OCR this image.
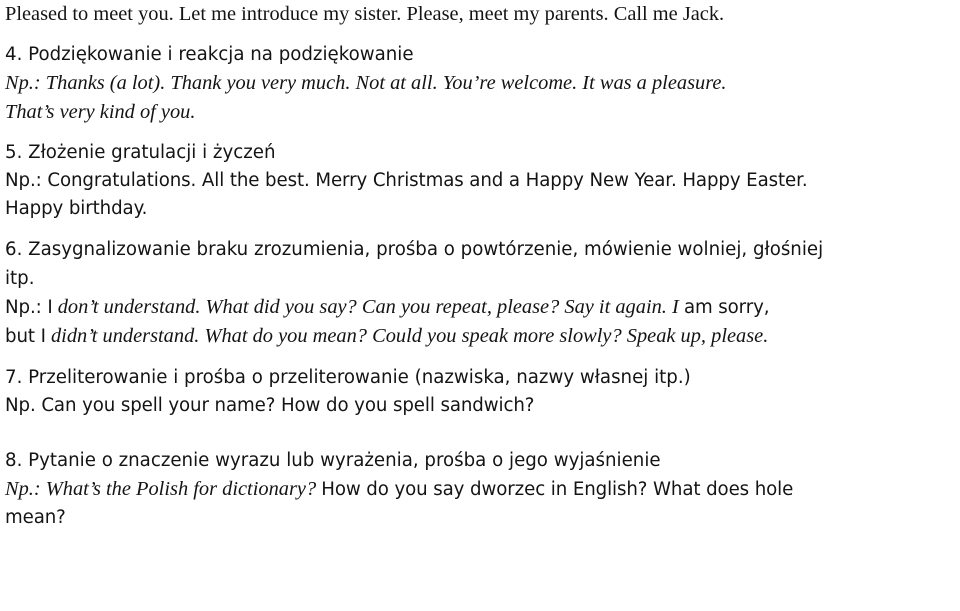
Pleased to meet you. Let me introduce my sister. Please, meet my parents. Call me Jack.
4. Podziękowanie i reakcja na podziękowanie
Np.: Thanks (a lot). Thank you very much. Not at all. You’re welcome. It was a pleasure.
That’s very kind of you.
5. Złożenie gratulacji i życzeń
Np.: Congratulations. All the best. Merry Christmas and a Happy New Year. Happy Easter.
Happy birthday.
6. Zasygnalizowanie braku zrozumienia, prośba o powtórzenie, mówienie wolniej, głośniej
itp.
Np.: I don’t understand. What did you say? Can you repeat, please? Say it again. I am sorry,
but I didn’t understand. What do you mean? Could you speak more slowly? Speak up, please.
7. Przeliterowanie i prośba o przeliterowanie (nazwiska, nazwy własnej itp.)
Np. Can you spell your name? How do you spell sandwich?
8. Pytanie o znaczenie wyrazu lub wyrażenia, prośba o jego wyjaśnienie
Np.: What’s the Polish for dictionary? How do you say dworzec in English? What does hole
mean?
